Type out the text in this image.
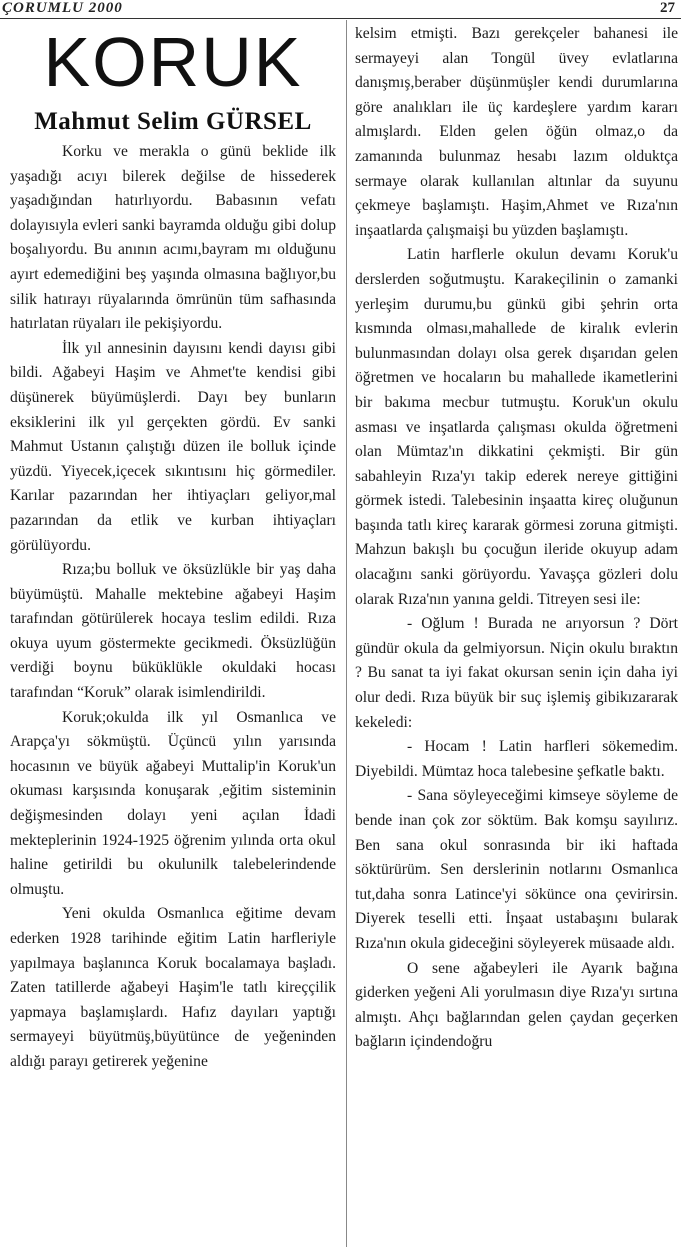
ÇORUMLU 2000	27
KORUK
Mahmut Selim GÜRSEL

Korku ve merakla o günü beklide ilk yaşadığı acıyı bilerek değilse de hissederek yaşadığından hatırlıyordu. Babasının vefatı dolayısıyla evleri sanki bayramda olduğu gibi dolup boşalıyordu. Bu anının acımı,bayram mı olduğunu ayırt edemediğini beş yaşında olmasına bağlıyor,bu silik hatırayı rüyalarında ömrünün tüm safhasında hatırlatan rüyaları ile pekişiyordu.

İlk yıl annesinin dayısını kendi dayısı gibi bildi. Ağabeyi Haşim ve Ahmet'te kendisi gibi düşünerek büyümüşlerdi. Dayı bey bunların eksiklerini ilk yıl gerçekten gördü. Ev sanki Mahmut Ustanın çalıştığı düzen ile bolluk içinde yüzdü. Yiyecek,içecek sıkıntısını hiç görmediler. Karılar pazarından her ihtiyaçları geliyor,mal pazarından da etlik ve kurban ihtiyaçları görülüyordu.

Rıza;bu bolluk ve öksüzlükle bir yaş daha büyümüştü. Mahalle mektebine ağabeyi Haşim tarafından götürülerek hocaya teslim edildi. Rıza okuya uyum göstermekte gecikmedi. Öksüzlüğün verdiği boynu büküklükle okuldaki hocası tarafından “Koruk” olarak isimlendirildi.

Koruk;okulda ilk yıl Osmanlıca ve Arapça'yı sökmüştü. Üçüncü yılın yarısında hocasının ve büyük ağabeyi Muttalip'in Koruk'un okuması karşısında konuşarak ,eğitim sisteminin değişmesinden dolayı yeni açılan İdadi mekteplerinin 1924-1925 öğrenim yılında orta okul haline getirildi bu okulunilk talebelerindende olmuştu.

Yeni okulda Osmanlıca eğitime devam ederken 1928 tarihinde eğitim Latin harfleriyle yapılmaya başlanınca Koruk bocalamaya başladı. Zaten tatillerde ağabeyi Haşim'le tatlı kireççilik yapmaya başlamışlardı. Hafız dayıları yaptığı sermayeyi büyütmüş,büyütünce de yeğeninden aldığı parayı getirerek yeğenine

kelsim etmişti. Bazı gerekçeler bahanesi ile sermayeyi alan Tongül üvey evlatlarına danışmış,beraber düşünmüşler kendi durumlarına göre analıkları ile üç kardeşlere yardım kararı almışlardı. Elden gelen öğün olmaz,o da zamanında bulunmaz hesabı lazım olduktça sermaye olarak kullanılan altınlar da suyunu çekmeye başlamıştı. Haşim,Ahmet ve Rıza'nın inşaatlarda çalışmaişi bu yüzden başlamıştı.

Latin harflerle okulun devamı Koruk'u derslerden soğutmuştu. Karakeçilinin o zamanki yerleşim durumu,bu günkü gibi şehrin orta kısmında olması,mahallede de kiralık evlerin bulunmasından dolayı olsa gerek dışarıdan gelen öğretmen ve hocaların bu mahallede ikametlerini bir bakıma mecbur tutmuştu. Koruk'un okulu asması ve inşatlarda çalışması okulda öğretmeni olan Mümtaz'ın dikkatini çekmişti. Bir gün sabahleyin Rıza'yı takip ederek nereye gittiğini görmek istedi. Talebesinin inşaatta kireç oluğunun başında tatlı kireç kararak görmesi zoruna gitmişti. Mahzun bakışlı bu çocuğun ileride okuyup adam olacağını sanki görüyordu. Yavaşça gözleri dolu olarak Rıza'nın yanına geldi. Titreyen sesi ile:

- Oğlum ! Burada ne arıyorsun ? Dört gündür okula da gelmiyorsun. Niçin okulu bıraktın ? Bu sanat ta iyi fakat okursan senin için daha iyi olur dedi. Rıza büyük bir suç işlemiş gibikızararak kekeledi:

- Hocam ! Latin harfleri sökemedim. Diyebildi. Mümtaz hoca talebesine şefkatle baktı.

- Sana söyleyeceğimi kimseye söyleme de bende inan çok zor söktüm. Bak komşu sayılırız. Ben sana okul sonrasında bir iki haftada söktürürüm. Sen derslerinin notlarını Osmanlıca tut,daha sonra Latince'yi sökünce ona çevirirsin. Diyerek teselli etti. İnşaat ustabaşını bularak Rıza'nın okula gideceğini söyleyerek müsaade aldı.

O sene ağabeyleri ile Ayarık bağına giderken yeğeni Ali yorulmasın diye Rıza'yı sırtına almıştı. Ahçı bağlarından gelen çaydan geçerken bağların içindendoğru
